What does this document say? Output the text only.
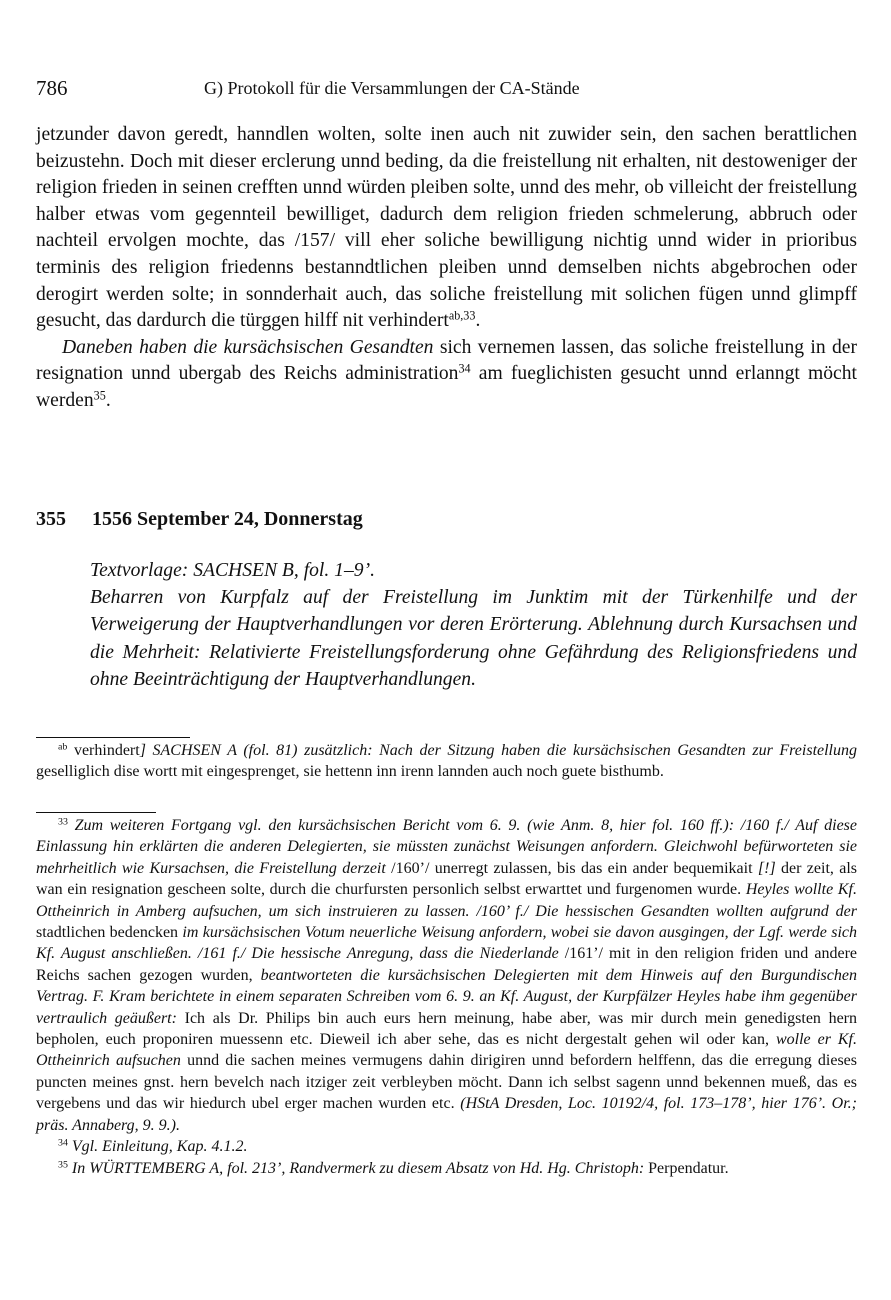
786	G) Protokoll für die Versammlungen der CA-Stände

jetzunder davon geredt, hanndlen wolten, solte inen auch nit zuwider sein, den sachen berattlichen beizustehn. Doch mit dieser erclerung unnd beding, da die freistellung nit erhalten, nit destoweniger der religion frieden in seinen crefften unnd würden pleiben solte, unnd des mehr, ob villeicht der freistellung halber etwas vom gegennteil bewilliget, dadurch dem religion frieden schmelerung, abbruch oder nachteil ervolgen mochte, das /157/ vill eher soliche bewilligung nichtig unnd wider in prioribus terminis des religion friedenns bestanndtlichen pleiben unnd demselben nichts abgebrochen oder derogirt werden solte; in sonnderhait auch, das soliche freistellung mit solichen fügen unnd glimpff gesucht, das dardurch die türggen hilff nit verhindert$^{ab,33}$.

Daneben haben die kursächsischen Gesandten sich vernemen lassen, das soliche freistellung in der resignation unnd ubergab des Reichs administration$^{34}$ am fueglichisten gesucht unnd erlanngt möcht werden$^{35}$.

355 1556 September 24, Donnerstag

Textvorlage: SACHSEN B, fol. 1–9’.

Beharren von Kurpfalz auf der Freistellung im Junktim mit der Türkenhilfe und der Verweigerung der Hauptverhandlungen vor deren Erörterung. Ablehnung durch Kursachsen und die Mehrheit: Relativierte Freistellungsforderung ohne Gefährdung des Religionsfriedens und ohne Beeinträchtigung der Hauptverhandlungen.

$^{ab}$ verhindert] SACHSEN A (fol. 81) zusätzlich: Nach der Sitzung haben die kursächsischen Gesandten zur Freistellung geselliglich dise wortt mit eingesprenget, sie hettenn inn irenn lannden auch noch guete bisthumb.

$^{33}$ Zum weiteren Fortgang vgl. den kursächsischen Bericht vom 6. 9. (wie Anm. 8, hier fol. 160 ff.): /160 f./ Auf diese Einlassung hin erklärten die anderen Delegierten, sie müssten zunächst Weisungen anfordern. Gleichwohl befürworteten sie mehrheitlich wie Kursachsen, die Freistellung derzeit /160’/ unerregt zulassen, bis das ein ander bequemikait [!] der zeit, als wan ein resignation gescheen solte, durch die churfursten personlich selbst erwarttet und furgenomen wurde. Heyles wollte Kf. Ottheinrich in Amberg aufsuchen, um sich instruieren zu lassen. /160’ f./ Die hessischen Gesandten wollten aufgrund der stadtlichen bedencken im kursächsischen Votum neuerliche Weisung anfordern, wobei sie davon ausgingen, der Lgf. werde sich Kf. August anschließen. /161 f./ Die hessische Anregung, dass die Niederlande /161’/ mit in den religion friden und andere Reichs sachen gezogen wurden, beantworteten die kursächsischen Delegierten mit dem Hinweis auf den Burgundischen Vertrag. F. Kram berichtete in einem separaten Schreiben vom 6. 9. an Kf. August, der Kurpfälzer Heyles habe ihm gegenüber vertraulich geäußert: Ich als Dr. Philips bin auch eurs hern meinung, habe aber, was mir durch mein genedigsten hern bepholen, euch proponiren muessenn etc. Dieweil ich aber sehe, das es nicht dergestalt gehen wil oder kan, wolle er Kf. Ottheinrich aufsuchen unnd die sachen meines vermugens dahin dirigiren unnd befordern helffenn, das die erregung dieses puncten meines gnst. hern bevelch nach itziger zeit verbleyben möcht. Dann ich selbst sagenn unnd bekennen mueß, das es vergebens und das wir hiedurch ubel erger machen wurden etc. (HStA Dresden, Loc. 10192/4, fol. 173–178’, hier 176’. Or.; präs. Annaberg, 9. 9.).

$^{34}$ Vgl. Einleitung, Kap. 4.1.2.

$^{35}$ In WÜRTTEMBERG A, fol. 213’, Randvermerk zu diesem Absatz von Hd. Hg. Christoph: Perpendatur.
